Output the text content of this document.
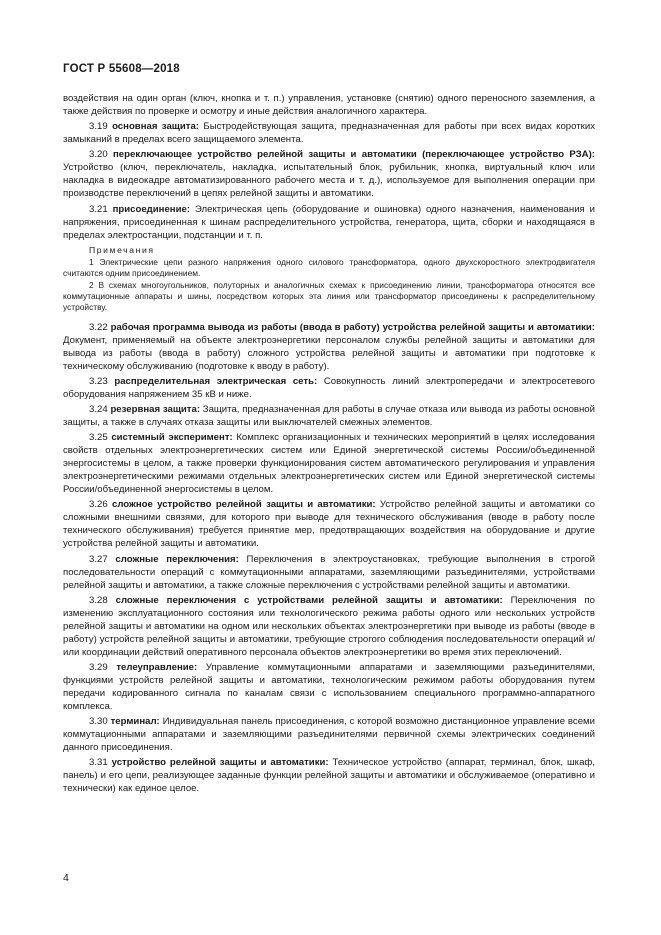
ГОСТ Р 55608—2018

воздействия на один орган (ключ, кнопка и т. п.) управления, установке (снятию) одного переносного заземления, а также действия по проверке и осмотру и иные действия аналогичного характера.

3.19 основная защита: Быстродействующая защита, предназначенная для работы при всех видах коротких замыканий в пределах всего защищаемого элемента.

3.20 переключающее устройство релейной защиты и автоматики (переключающее устройство РЗА): Устройство (ключ, переключатель, накладка, испытательный блок, рубильник, кнопка, виртуальный ключ или накладка в видеокадре автоматизированного рабочего места и т. д.), используемое для выполнения операции при производстве переключений в цепях релейной защиты и автоматики.

3.21 присоединение: Электрическая цепь (оборудование и ошиновка) одного назначения, наименования и напряжения, присоединенная к шинам распределительного устройства, генератора, щита, сборки и находящаяся в пределах электростанции, подстанции и т. п.

Примечания

1 Электрические цепи разного напряжения одного силового трансформатора, одного двухскоростного электродвигателя считаются одним присоединением.

2 В схемах многоугольников, полуторных и аналогичных схемах к присоединению линии, трансформатора относятся все коммутационные аппараты и шины, посредством которых эта линия или трансформатор присоединены к распределительному устройству.

3.22 рабочая программа вывода из работы (ввода в работу) устройства релейной защиты и автоматики: Документ, применяемый на объекте электроэнергетики персоналом службы релейной защиты и автоматики для вывода из работы (ввода в работу) сложного устройства релейной защиты и автоматики при подготовке к техническому обслуживанию (подготовке к вводу в работу).

3.23 распределительная электрическая сеть: Совокупность линий электропередачи и электросетевого оборудования напряжением 35 кВ и ниже.

3.24 резервная защита: Защита, предназначенная для работы в случае отказа или вывода из работы основной защиты, а также в случаях отказа защиты или выключателей смежных элементов.

3.25 системный эксперимент: Комплекс организационных и технических мероприятий в целях исследования свойств отдельных электроэнергетических систем или Единой энергетической системы России/объединенной энергосистемы в целом, а также проверки функционирования систем автоматического регулирования и управления электроэнергетическими режимами отдельных электроэнергетических систем или Единой энергетической системы России/объединенной энергосистемы в целом.

3.26 сложное устройство релейной защиты и автоматики: Устройство релейной защиты и автоматики со сложными внешними связями, для которого при выводе для технического обслуживания (вводе в работу после технического обслуживания) требуется принятие мер, предотвращающих воздействия на оборудование и другие устройства релейной защиты и автоматики.

3.27 сложные переключения: Переключения в электроустановках, требующие выполнения в строгой последовательности операций с коммутационными аппаратами, заземляющими разъединителями, устройствами релейной защиты и автоматики, а также сложные переключения с устройствами релейной защиты и автоматики.

3.28 сложные переключения с устройствами релейной защиты и автоматики: Переключения по изменению эксплуатационного состояния или технологического режима работы одного или нескольких устройств релейной защиты и автоматики на одном или нескольких объектах электроэнергетики при выводе из работы (вводе в работу) устройств релейной защиты и автоматики, требующие строгого соблюдения последовательности операций и/или координации действий оперативного персонала объектов электроэнергетики во время этих переключений.

3.29 телеуправление: Управление коммутационными аппаратами и заземляющими разъединителями, функциями устройств релейной защиты и автоматики, технологическим режимом работы оборудования путем передачи кодированного сигнала по каналам связи с использованием специального программно-аппаратного комплекса.

3.30 терминал: Индивидуальная панель присоединения, с которой возможно дистанционное управление всеми коммутационными аппаратами и заземляющими разъединителями первичной схемы электрических соединений данного присоединения.

3.31 устройство релейной защиты и автоматики: Техническое устройство (аппарат, терминал, блок, шкаф, панель) и его цепи, реализующее заданные функции релейной защиты и автоматики и обслуживаемое (оперативно и технически) как единое целое.

4
